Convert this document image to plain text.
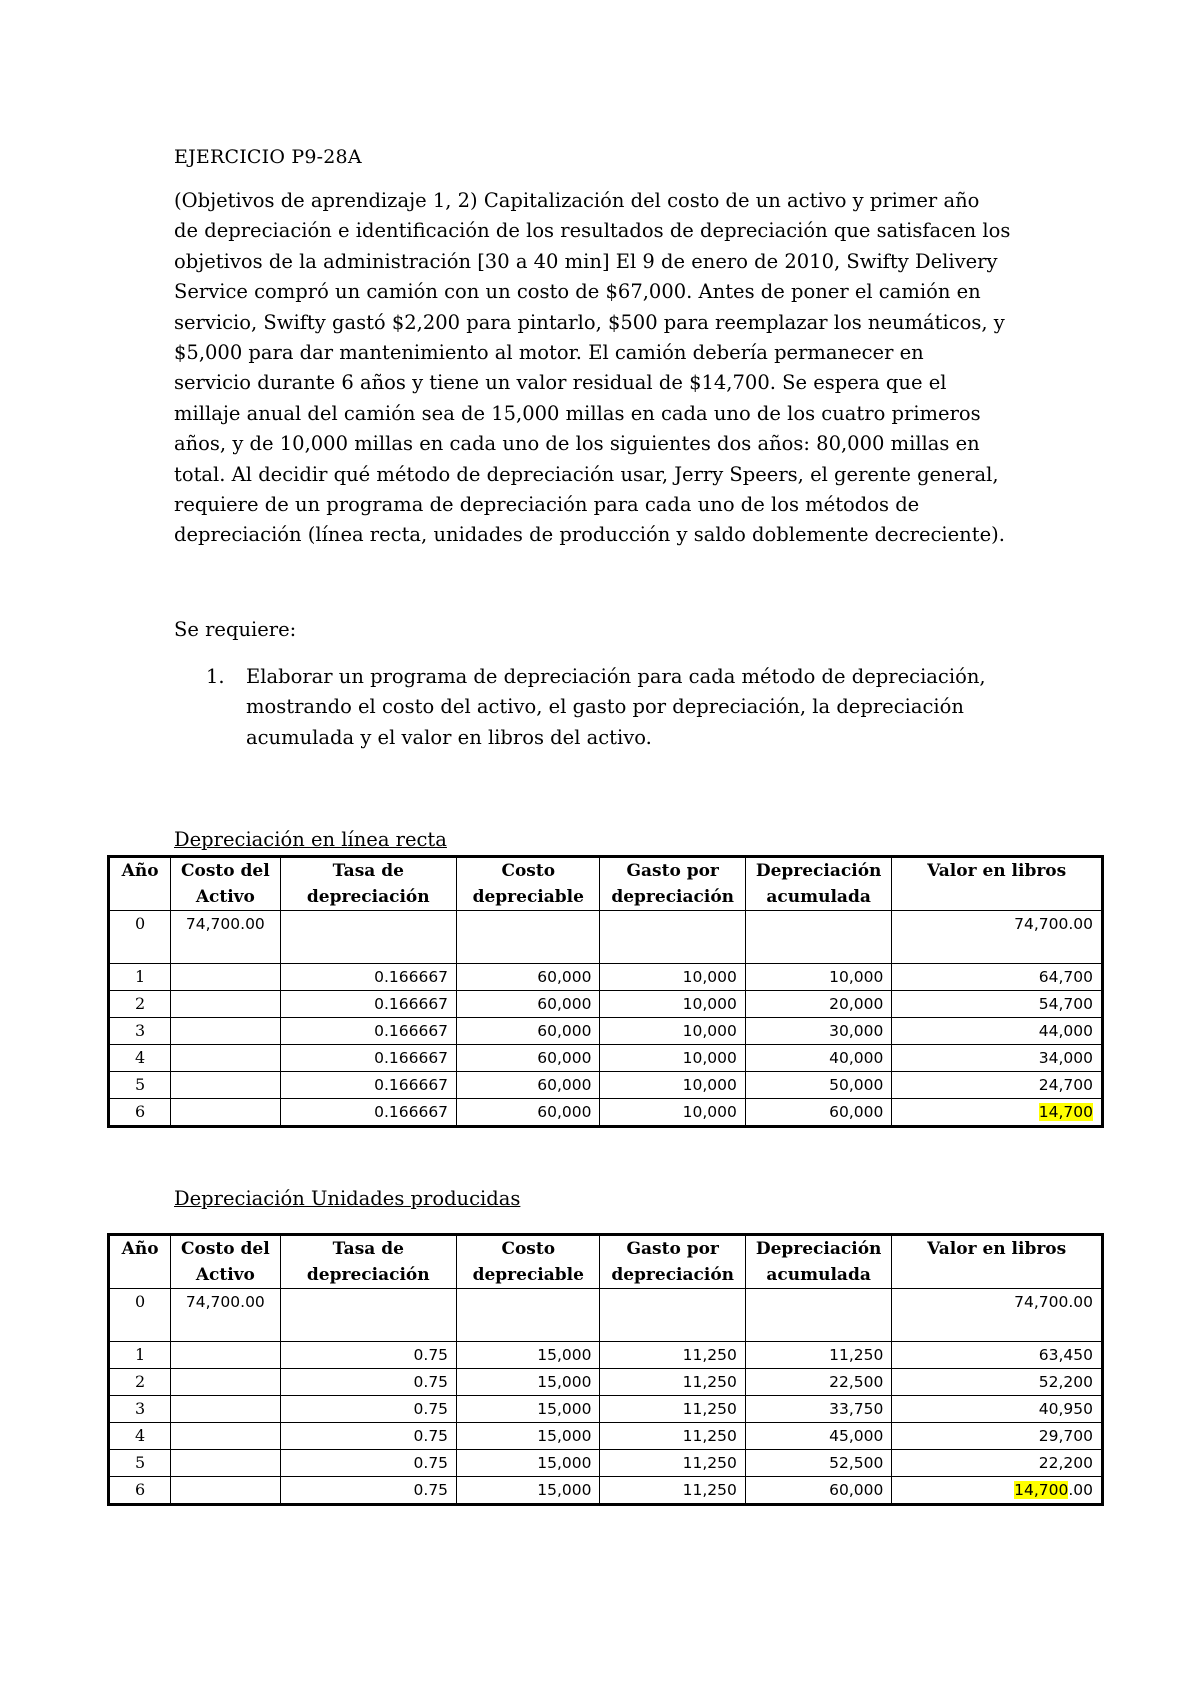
EJERCICIO P9-28A
(Objetivos de aprendizaje 1, 2) Capitalización del costo de un activo y primer año
de depreciación e identificación de los resultados de depreciación que satisfacen los
objetivos de la administración [30 a 40 min] El 9 de enero de 2010, Swifty Delivery
Service compró un camión con un costo de $67,000. Antes de poner el camión en
servicio, Swifty gastó $2,200 para pintarlo, $500 para reemplazar los neumáticos, y
$5,000 para dar mantenimiento al motor. El camión debería permanecer en
servicio durante 6 años y tiene un valor residual de $14,700. Se espera que el
millaje anual del camión sea de 15,000 millas en cada uno de los cuatro primeros
años, y de 10,000 millas en cada uno de los siguientes dos años: 80,000 millas en
total. Al decidir qué método de depreciación usar, Jerry Speers, el gerente general,
requiere de un programa de depreciación para cada uno de los métodos de
depreciación (línea recta, unidades de producción y saldo doblemente decreciente).
Se requiere:
1. Elaborar un programa de depreciación para cada método de depreciación,
mostrando el costo del activo, el gasto por depreciación, la depreciación
acumulada y el valor en libros del activo.
Depreciación en línea recta
Año	Costo del Activo	Tasa de depreciación	Costo depreciable	Gasto por depreciación	Depreciación acumulada	Valor en libros
0	74,700.00					74,700.00
1		0.166667	60,000	10,000	10,000	64,700
2		0.166667	60,000	10,000	20,000	54,700
3		0.166667	60,000	10,000	30,000	44,000
4		0.166667	60,000	10,000	40,000	34,000
5		0.166667	60,000	10,000	50,000	24,700
6		0.166667	60,000	10,000	60,000	14,700
Depreciación Unidades producidas
Año	Costo del Activo	Tasa de depreciación	Costo depreciable	Gasto por depreciación	Depreciación acumulada	Valor en libros
0	74,700.00					74,700.00
1		0.75	15,000	11,250	11,250	63,450
2		0.75	15,000	11,250	22,500	52,200
3		0.75	15,000	11,250	33,750	40,950
4		0.75	15,000	11,250	45,000	29,700
5		0.75	15,000	11,250	52,500	22,200
6		0.75	15,000	11,250	60,000	14,700.00
